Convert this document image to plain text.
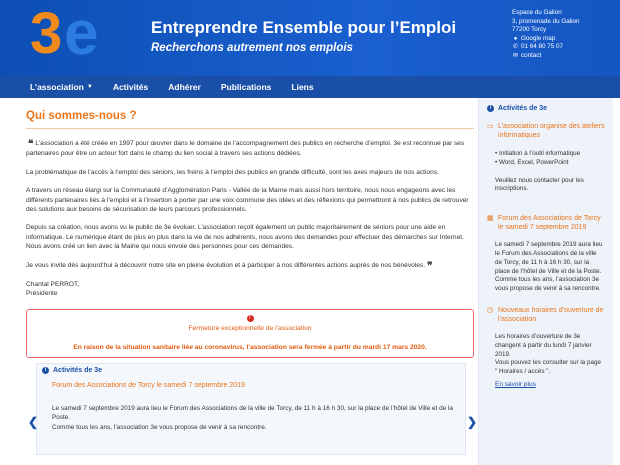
3 e	Entreprendre Ensemble pour l’Emploi
Recherchons autrement nos emplois
Espace du Galion
3, promenade du Galion
77200 Torcy
● Google map
✆ 01 64 80 75 07
✉ contact
L’association ▼ Activités Adhérer Publications Liens
Qui sommes-nous ?

❝ L’association a été créée en 1997 pour œuvrer dans le domaine de l’accompagnement des publics en recherche d’emploi. 3e est reconnue par ses partenaires pour être un acteur fort dans le champ du lien social à travers ses actions dédiées.

La problématique de l’accès à l’emploi des séniors, les freins à l’emploi des publics en grande difficulté, sont les axes majeurs de nos actions.

A travers un réseau élargi sur la Communauté d’Agglomération Paris - Vallée de la Marne mais aussi hors territoire, nous nous engageons avec les différents partenaires liés à l’emploi et à l’insertion à porter par une voix commune des idées et des réflexions qui permettront à nos publics de retrouver des solutions aux besoins de sécurisation de leurs parcours professionnels.

Depuis sa création, nous avons vu le public de 3e évoluer. L’association reçoit également un public majoritairement de séniors pour une aide en informatique. Le numérique étant de plus en plus dans la vie de nos adhérents, nous avons des demandes pour effectuer des démarches sur Internet. Nous avons créé un lien avec la Mairie qui nous envoie des personnes pour ces demandes.

Je vous invite dès aujourd’hui à découvrir notre site en pleine évolution et à participer à nos différentes actions auprès de nos bénévoles. ❞

Chantal PERROT,
Présidente
!
Fermeture exceptionnelle de l’association
En raison de la situation sanitaire liée au coronavirus, l’association sera fermée à partir du mardi 17 mars 2020.
i Activités de 3e
Forum des Associations de Torcy le samedi 7 septembre 2019
Le samedi 7 septembre 2019 aura lieu le Forum des Associations de la ville de Torcy, de 11 h à 16 h 30, sur la place de l’hôtel de Ville et de la Poste.
Comme tous les ans, l’association 3e vous propose de venir à sa rencontre.
❮	❯
i Activités de 3e
▭ L’association organise des ateliers informatiques
• Initiation à l’outil informatique
• Word, Excel, PowerPoint
Veuillez nous contacter pour les inscriptions.
▦ Forum des Associations de Torcy le samedi 7 septembre 2019
Le samedi 7 septembre 2019 aura lieu le Forum des Associations de la ville de Torcy, de 11 h à 16 h 30, sur la place de l’hôtel de Ville et de la Poste.
Comme tous les ans, l’association 3e vous propose de venir à sa rencontre.
◷ Nouveaux horaires d’ouverture de l’association
Les horaires d’ouverture de 3e changent à partir du lundi 7 janvier 2019.
Vous pouvez les consulter sur la page " Horaires / accès ".
En savoir plus
